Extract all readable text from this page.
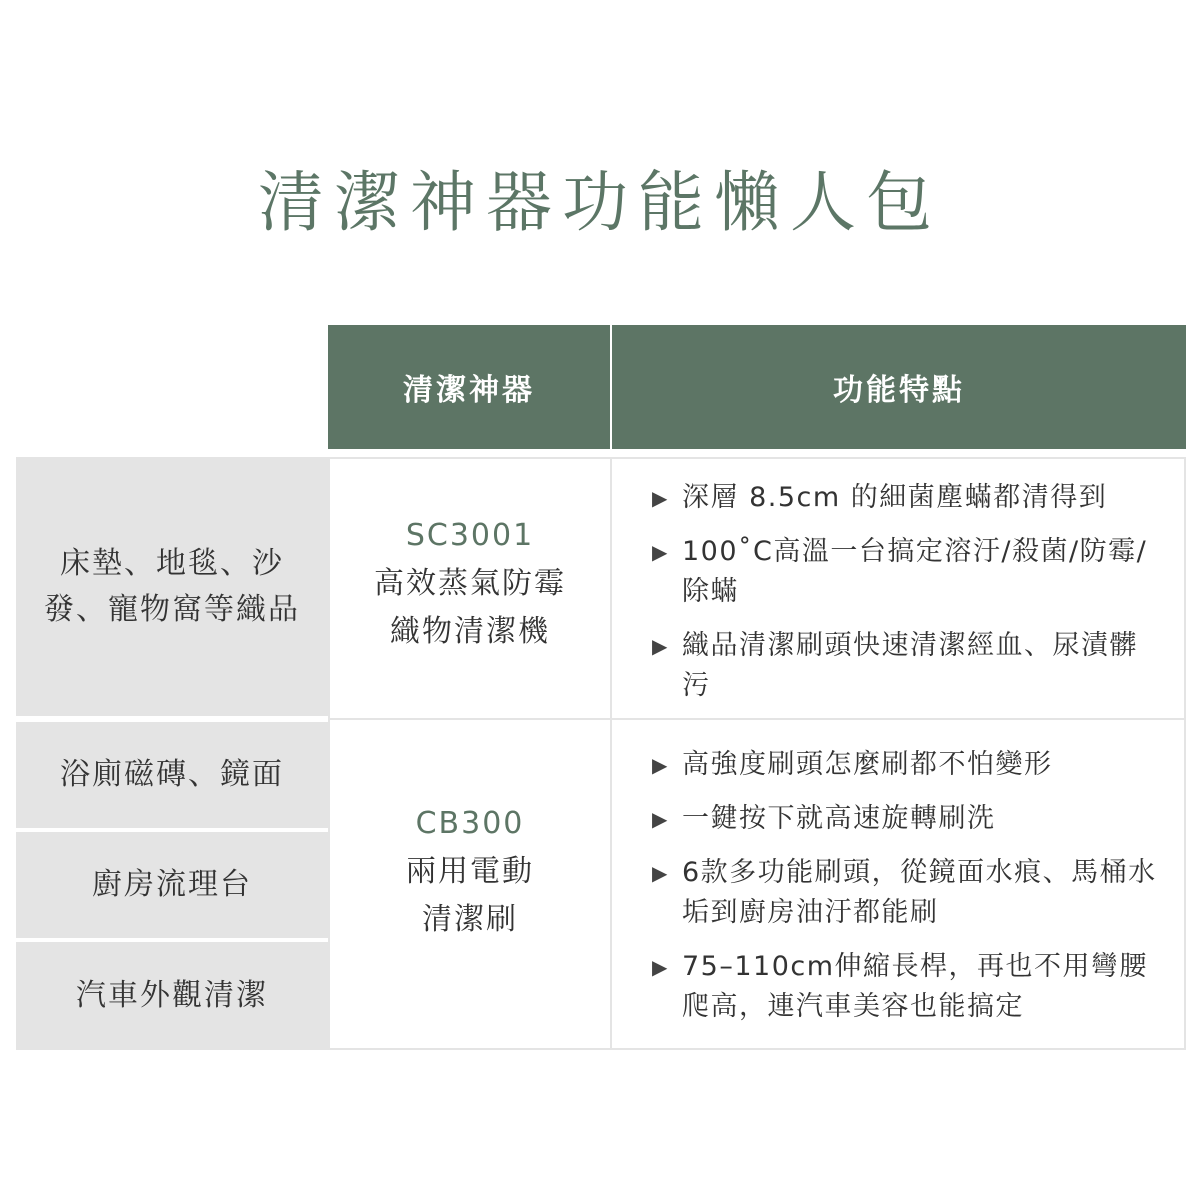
清潔神器功能懶人包
清潔神器	功能特點
床墊、地毯、沙發、寵物窩等織品
浴廁磁磚、鏡面
廚房流理台
汽車外觀清潔
SC3001
高效蒸氣防霉
織物清潔機
CB300
兩用電動
清潔刷
▶ 深層 8.5cm 的細菌塵蟎都清得到
▶ 100˚C高溫一台搞定溶汙/殺菌/防霉/除蟎
▶ 織品清潔刷頭快速清潔經血、尿漬髒污
▶ 高強度刷頭怎麼刷都不怕變形
▶ 一鍵按下就高速旋轉刷洗
▶ 6款多功能刷頭，從鏡面水痕、馬桶水垢到廚房油汙都能刷
▶ 75–110cm伸縮長桿，再也不用彎腰爬高，連汽車美容也能搞定
